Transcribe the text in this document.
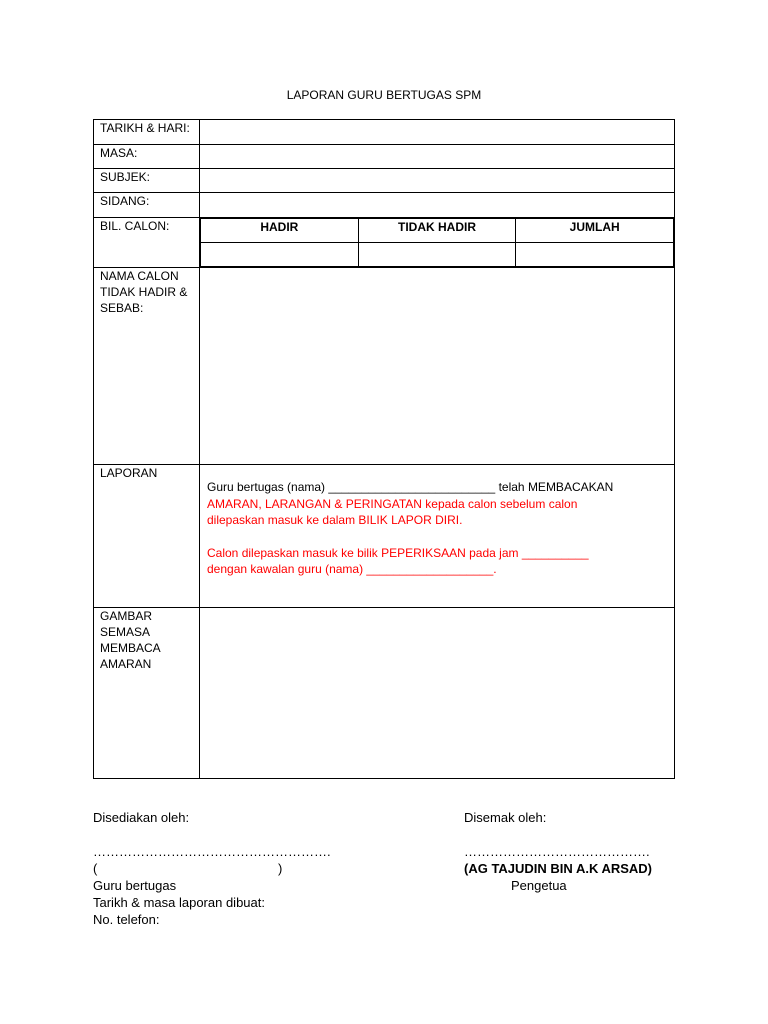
LAPORAN GURU BERTUGAS SPM
TARIKH & HARI:	
MASA:	
SUBJEK:	
SIDANG:	
BIL. CALON:		HADIR	TIDAK HADIR	JUMLAH

NAMA CALON
TIDAK HADIR &
SEBAB:

LAPORAN	

Guru bertugas (nama) _________________________ telah MEMBACAKAN

AMARAN, LARANGAN & PERINGATAN kepada calon sebelum calon

dilepaskan masuk ke dalam BILIK LAPOR DIRI.

Calon dilepaskan masuk ke bilik PEPERIKSAAN pada jam __________

dengan kawalan guru (nama) ___________________.

GAMBAR
SEMASA
MEMBACA
AMARAN

Disediakan oleh:
……………………………………………….
(	)
Guru bertugas
Tarikh & masa laporan dibuat:
No. telefon:
Disemak oleh:
…………………………………….
(AG TAJUDIN BIN A.K ARSAD)
Pengetua
